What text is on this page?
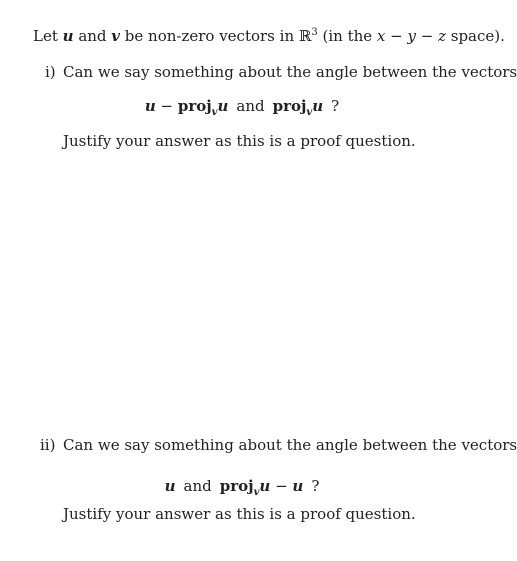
Let u and v be non-zero vectors in ℝ$^3$ (in the x − y − z space).
i) Can we say something about the angle between the vectors
u − proj$_v$u and proj$_v$u ?
Justify your answer as this is a proof question.
ii) Can we say something about the angle between the vectors
u and proj$_v$u − u ?
Justify your answer as this is a proof question.
